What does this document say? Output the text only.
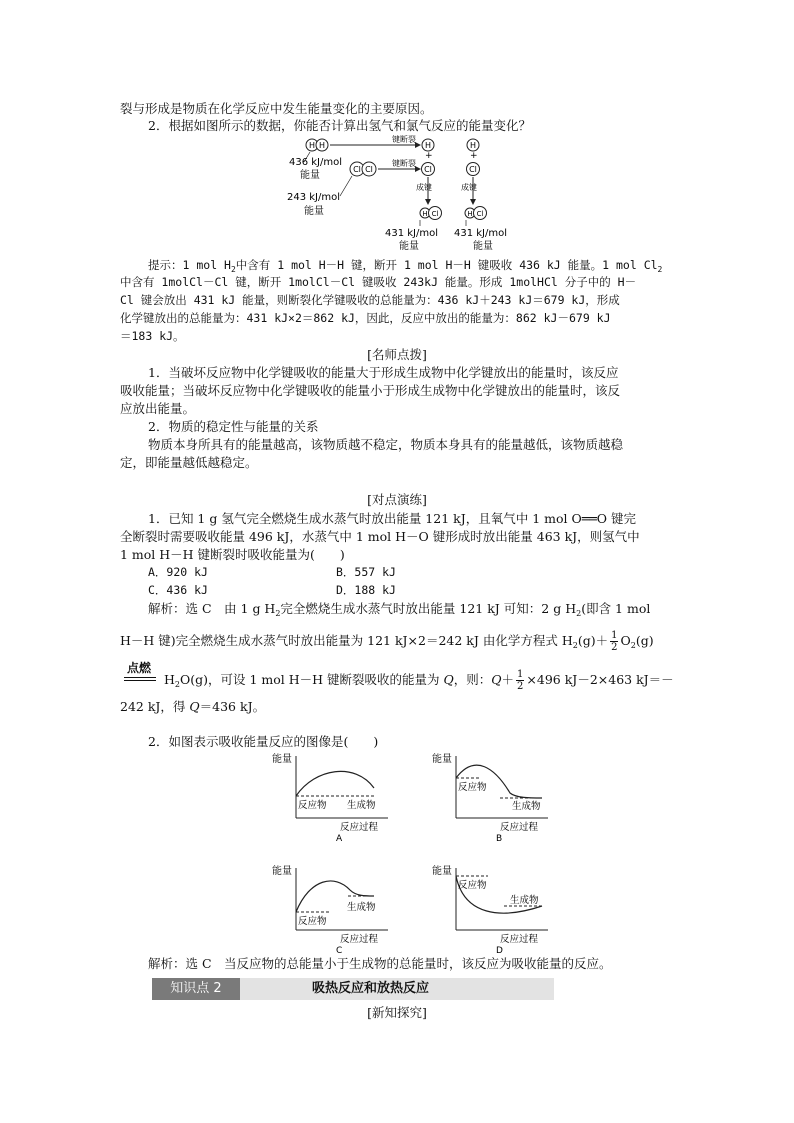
裂与形成是物质在化学反应中发生能量变化的主要原因。
2．根据如图所示的数据，你能否计算出氢气和氯气反应的能量变化？
H H
436 kJ/mol
能量
Cl Cl
243 kJ/mol
能量
键断裂
键断裂
H
+
Cl
H
+
Cl
成键	成键
H Cl	H Cl
431 kJ/mol
能量
431 kJ/mol
能量
提示：1 mol $H_2$中含有 1 mol H－H 键，断开 1 mol H－H 键吸收 436 kJ 能量。1 mol $Cl_2$
中含有 1molCl－Cl 键，断开 1molCl－Cl 键吸收 243kJ 能量。形成 1molHCl 分子中的 H－
Cl 键会放出 431 kJ 能量，则断裂化学键吸收的总能量为：436 kJ＋243 kJ＝679 kJ，形成
化学键放出的总能量为：431 kJ×2＝862 kJ，因此，反应中放出的能量为：862 kJ－679 kJ
＝183 kJ。
[名师点拨]
1．当破坏反应物中化学键吸收的能量大于形成生成物中化学键放出的能量时，该反应
吸收能量；当破坏反应物中化学键吸收的能量小于形成生成物中化学键放出的能量时，该反
应放出能量。
2．物质的稳定性与能量的关系
物质本身所具有的能量越高，该物质越不稳定，物质本身具有的能量越低，该物质越稳
定，即能量越低越稳定。
[对点演练]
1．已知 1 g 氢气完全燃烧生成水蒸气时放出能量 121 kJ，且氧气中 1 mol O══O 键完
全断裂时需要吸收能量 496 kJ，水蒸气中 1 mol H－O 键形成时放出能量 463 kJ，则氢气中
1 mol H－H 键断裂时吸收能量为(　　)
A．920 kJ	B．557 kJ
C．436 kJ	D．188 kJ
解析：选 C　由 1 g $H_2$完全燃烧生成水蒸气时放出能量 121 kJ 可知：2 g $H_2$(即含 1 mol
H－H 键)完全燃烧生成水蒸气时放出能量为 121 kJ×2＝242 kJ 由化学方程式 $H_2(g)+ \frac{1}{2} O_2(g)$
点燃
$H_2O(g)$，可设 1 mol H－H 键断裂吸收的能量为 Q，则：$Q+ \frac{1}{2} \times 496$ kJ－2×463 kJ＝－
242 kJ，得 Q＝436 kJ。
2．如图表示吸收能量反应的图像是(　　)
能量
反应物 生成物
反应过程
A
能量
反应物
生成物
反应过程
B
能量
反应物
生成物
反应过程
C
能量
反应物
生成物
反应过程
D
解析：选 C　当反应物的总能量小于生成物的总能量时，该反应为吸收能量的反应。
知识点 2	吸热反应和放热反应
[新知探究]
